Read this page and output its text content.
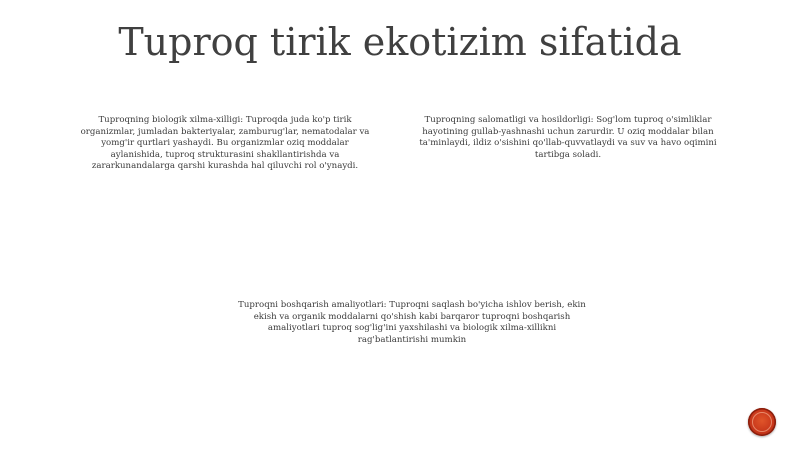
Tuproq tirik ekotizim sifatida
Tuproqning biologik xilma-xilligi: Tuproqda juda ko'p tirik organizmlar, jumladan bakteriyalar, zamburug'lar, nematodalar va yomg'ir qurtlari yashaydi. Bu organizmlar oziq moddalar aylanishida, tuproq strukturasini shakllantirishda va zararkunandalarga qarshi kurashda hal qiluvchi rol o'ynaydi.
Tuproqning salomatligi va hosildorligi: Sog'lom tuproq o'simliklar hayotining gullab-yashnashi uchun zarurdir. U oziq moddalar bilan ta'minlaydi, ildiz o'sishini qo'llab-quvvatlaydi va suv va havo oqimini tartibga soladi.
Tuproqni boshqarish amaliyotlari: Tuproqni saqlash bo'yicha ishlov berish, ekin ekish va organik moddalarni qo'shish kabi barqaror tuproqni boshqarish amaliyotlari tuproq sog'lig'ini yaxshilashi va biologik xilma-xillikni rag'batlantirishi mumkin
